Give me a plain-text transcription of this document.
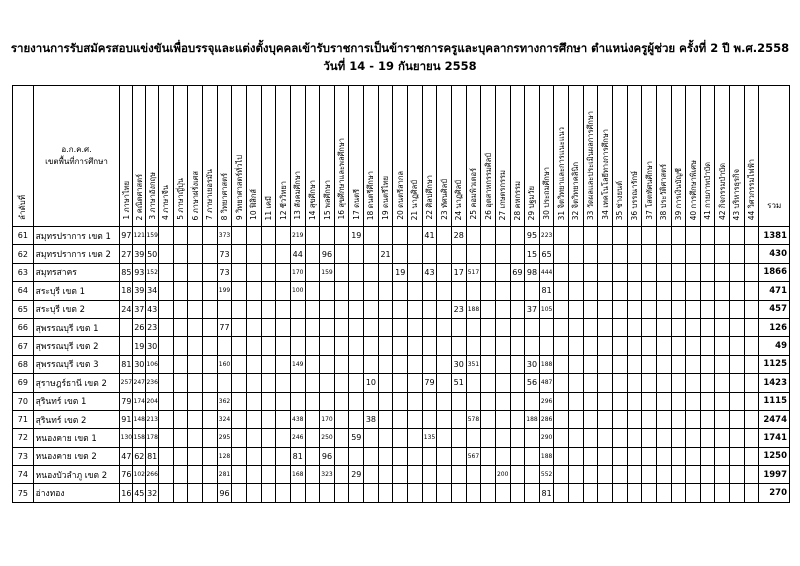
รายงานการรับสมัครสอบแข่งขันเพื่อบรรจุและแต่งตั้งบุคคลเข้ารับราชการเป็นข้าราชการครูและบุคลากรทางการศึกษา ตำแหน่งครูผู้ช่วย ครั้งที่ 2 ปี พ.ศ.2558
วันที่ 14 - 19 กันยายน 2558
ลำดับที่	อ.ก.ค.ศ.
เขตพื้นที่การศึกษา	1 ภาษาไทย	2 คณิตศาสตร์	3 ภาษาอังกฤษ	4 ภาษาจีน	5 ภาษาญี่ปุ่น	6 ภาษาฝรั่งเศส	7 ภาษาเยอรมัน	8 วิทยาศาสตร์	9 วิทยาศาสตร์ทั่วไป	10 ฟิสิกส์	11 เคมี	12 ชีววิทยา	13 สังคมศึกษา	14 สุขศึกษา	15 พลศึกษา	16 สุขศึกษาและพลศึกษา	17 ดนตรี	18 ดนตรีศึกษา	19 ดนตรีไทย	20 ดนตรีสากล	21 นาฏศิลป์	22 ศิลปศึกษา	23 ทัศนศิลป์	24 นาฏศิลป์	25 คอมพิวเตอร์	26 อุตสาหกรรมศิลป์	27 เกษตรกรรม	28 คหกรรม	29 ปฐมวัย	30 ประถมศึกษา	31 จิตวิทยาและการแนะแนว	32 จิตวิทยาคลินิก	33 วัดผลและประเมินผลการศึกษา	34 เทคโนโลยีทางการศึกษา	35 ช่างยนต์	36 บรรณารักษ์	37 โสตทัศนศึกษา	38 ประวัติศาสตร์	39 การเงินบัญชี	40 การศึกษาพิเศษ	41 กายภาพบำบัด	42 กิจกรรมบำบัด	43 บริหารธุรกิจ	44 วิศวกรรมไฟฟ้า	รวม
61	สมุทรปราการ เขต 1	97	121	159					373					219				19					41		28					95	223															1381
62	สมุทรปราการ เขต 2	27	39	50					73					44		96				21										15	65															430
63	สมุทรสาคร	85	93	152					73					170		159					19		43		17	517			69	98	444															1866
64	สระบุรี เขต 1	18	39	34					199					100																	81															471
65	สระบุรี เขต 2	24	37	43																					23	188				37	105															457
66	สุพรรณบุรี เขต 1		26	23					77																																					126
67	สุพรรณบุรี เขต 2		19	30																																										49
68	สุพรรณบุรี เขต 3	81	30	106					160					149											30	351				30	188															1125
69	สุราษฎร์ธานี เขต 2	257	247	236															10				79		51					56	487															1423
70	สุรินทร์ เขต 1	79	174	204					362																						296															1115
71	สุรินทร์ เขต 2	91	148	213					324					438		170			38							578				188	286															2474
72	หนองคาย เขต 1	130	158	178					295					246		250		59					135								290															1741
73	หนองคาย เขต 2	47	62	81					128					81		96										567					188															1250
74	หนองบัวลำภู เขต 2	76	102	266					281					168		323		29										200			552															1997
75	อ่างทอง	16	45	32					96																						81															270
